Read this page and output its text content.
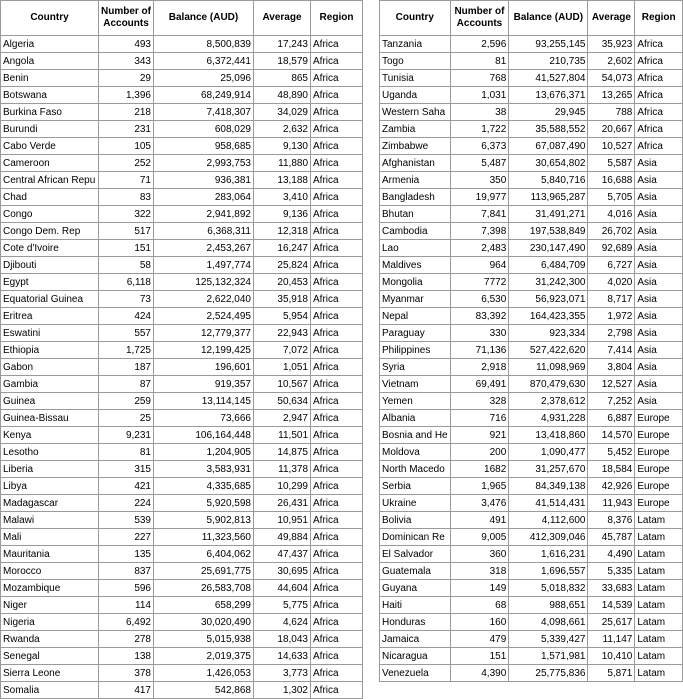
Country	Number of Accounts	Balance (AUD)	Average	Region
Algeria	493	8,500,839	17,243	Africa
Angola	343	6,372,441	18,579	Africa
Benin	29	25,096	865	Africa
Botswana	1,396	68,249,914	48,890	Africa
Burkina Faso	218	7,418,307	34,029	Africa
Burundi	231	608,029	2,632	Africa
Cabo Verde	105	958,685	9,130	Africa
Cameroon	252	2,993,753	11,880	Africa
Central African Repu	71	936,381	13,188	Africa
Chad	83	283,064	3,410	Africa
Congo	322	2,941,892	9,136	Africa
Congo Dem. Rep	517	6,368,311	12,318	Africa
Cote d'Ivoire	151	2,453,267	16,247	Africa
Djibouti	58	1,497,774	25,824	Africa
Egypt	6,118	125,132,324	20,453	Africa
Equatorial Guinea	73	2,622,040	35,918	Africa
Eritrea	424	2,524,495	5,954	Africa
Eswatini	557	12,779,377	22,943	Africa
Ethiopia	1,725	12,199,425	7,072	Africa
Gabon	187	196,601	1,051	Africa
Gambia	87	919,357	10,567	Africa
Guinea	259	13,114,145	50,634	Africa
Guinea-Bissau	25	73,666	2,947	Africa
Kenya	9,231	106,164,448	11,501	Africa
Lesotho	81	1,204,905	14,875	Africa
Liberia	315	3,583,931	11,378	Africa
Libya	421	4,335,685	10,299	Africa
Madagascar	224	5,920,598	26,431	Africa
Malawi	539	5,902,813	10,951	Africa
Mali	227	11,323,560	49,884	Africa
Mauritania	135	6,404,062	47,437	Africa
Morocco	837	25,691,775	30,695	Africa
Mozambique	596	26,583,708	44,604	Africa
Niger	114	658,299	5,775	Africa
Nigeria	6,492	30,020,490	4,624	Africa
Rwanda	278	5,015,938	18,043	Africa
Senegal	138	2,019,375	14,633	Africa
Sierra Leone	378	1,426,053	3,773	Africa
Somalia	417	542,868	1,302	Africa
Country	Number of Accounts	Balance (AUD)	Average	Region
Tanzania	2,596	93,255,145	35,923	Africa
Togo	81	210,735	2,602	Africa
Tunisia	768	41,527,804	54,073	Africa
Uganda	1,031	13,676,371	13,265	Africa
Western Saha	38	29,945	788	Africa
Zambia	1,722	35,588,552	20,667	Africa
Zimbabwe	6,373	67,087,490	10,527	Africa
Afghanistan	5,487	30,654,802	5,587	Asia
Armenia	350	5,840,716	16,688	Asia
Bangladesh	19,977	113,965,287	5,705	Asia
Bhutan	7,841	31,491,271	4,016	Asia
Cambodia	7,398	197,538,849	26,702	Asia
Lao	2,483	230,147,490	92,689	Asia
Maldives	964	6,484,709	6,727	Asia
Mongolia	7772	31,242,300	4,020	Asia
Myanmar	6,530	56,923,071	8,717	Asia
Nepal	83,392	164,423,355	1,972	Asia
Paraguay	330	923,334	2,798	Asia
Philippines	71,136	527,422,620	7,414	Asia
Syria	2,918	11,098,969	3,804	Asia
Vietnam	69,491	870,479,630	12,527	Asia
Yemen	328	2,378,612	7,252	Asia
Albania	716	4,931,228	6,887	Europe
Bosnia and He	921	13,418,860	14,570	Europe
Moldova	200	1,090,477	5,452	Europe
North Macedo	1682	31,257,670	18,584	Europe
Serbia	1,965	84,349,138	42,926	Europe
Ukraine	3,476	41,514,431	11,943	Europe
Bolivia	491	4,112,600	8,376	Latam
Dominican Re	9,005	412,309,046	45,787	Latam
El Salvador	360	1,616,231	4,490	Latam
Guatemala	318	1,696,557	5,335	Latam
Guyana	149	5,018,832	33,683	Latam
Haiti	68	988,651	14,539	Latam
Honduras	160	4,098,661	25,617	Latam
Jamaica	479	5,339,427	11,147	Latam
Nicaragua	151	1,571,981	10,410	Latam
Venezuela	4,390	25,775,836	5,871	Latam
